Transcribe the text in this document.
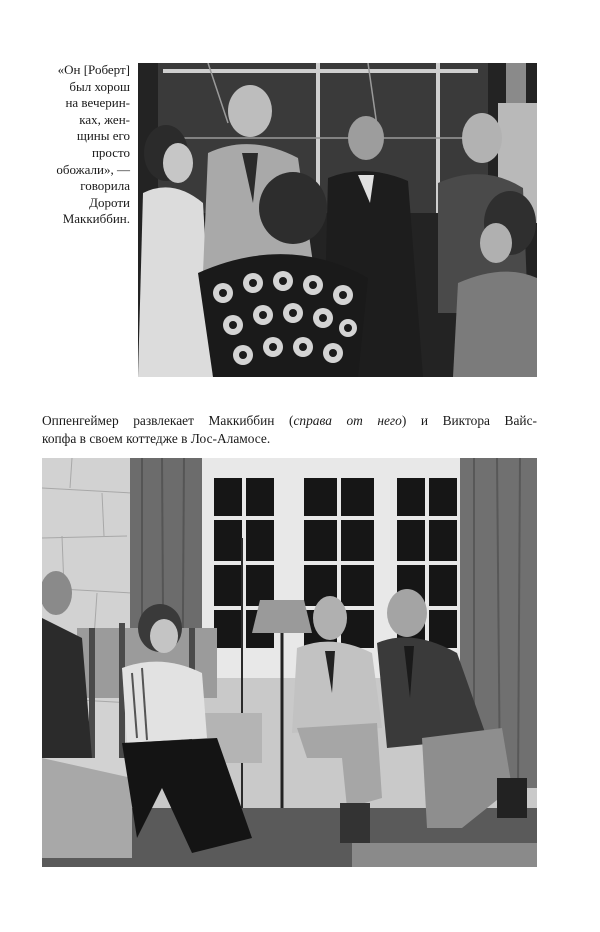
«Он [Роберт]
был хорош
на вечерин-
ках, жен-
щины его
просто
обожали», —
говорила
Дороти
Маккиббин.
Оппенгеймер развлекает Маккиббин (справа от него) и Виктора Вайс-
копфа в своем коттедже в Лос-Аламосе.
